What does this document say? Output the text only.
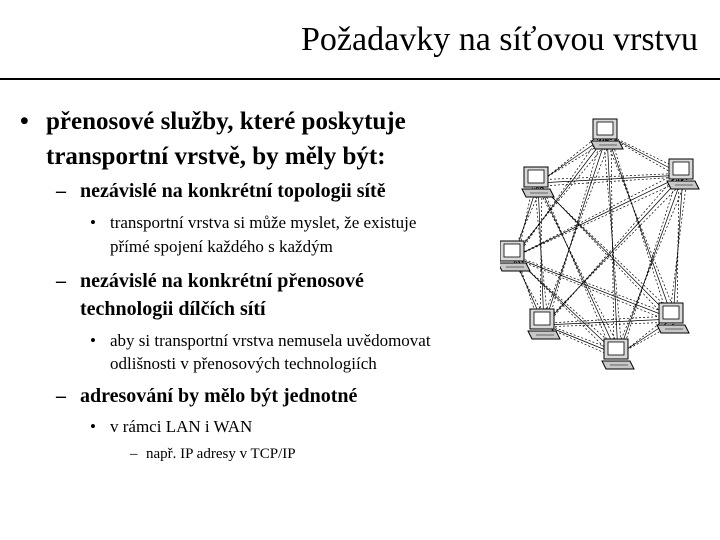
Požadavky na síťovou vrstvu
• přenosové služby, které poskytuje
transportní vrstvě, by měly být:
– nezávislé na konkrétní topologii sítě
• transportní vrstva si může myslet, že existuje
přímé spojení každého s každým
– nezávislé na konkrétní přenosové
technologii dílčích sítí
• aby si transportní vrstva nemusela uvědomovat
odlišnosti v přenosových technologiích
– adresování by mělo být jednotné
• v rámci LAN i WAN
– např. IP adresy v TCP/IP
